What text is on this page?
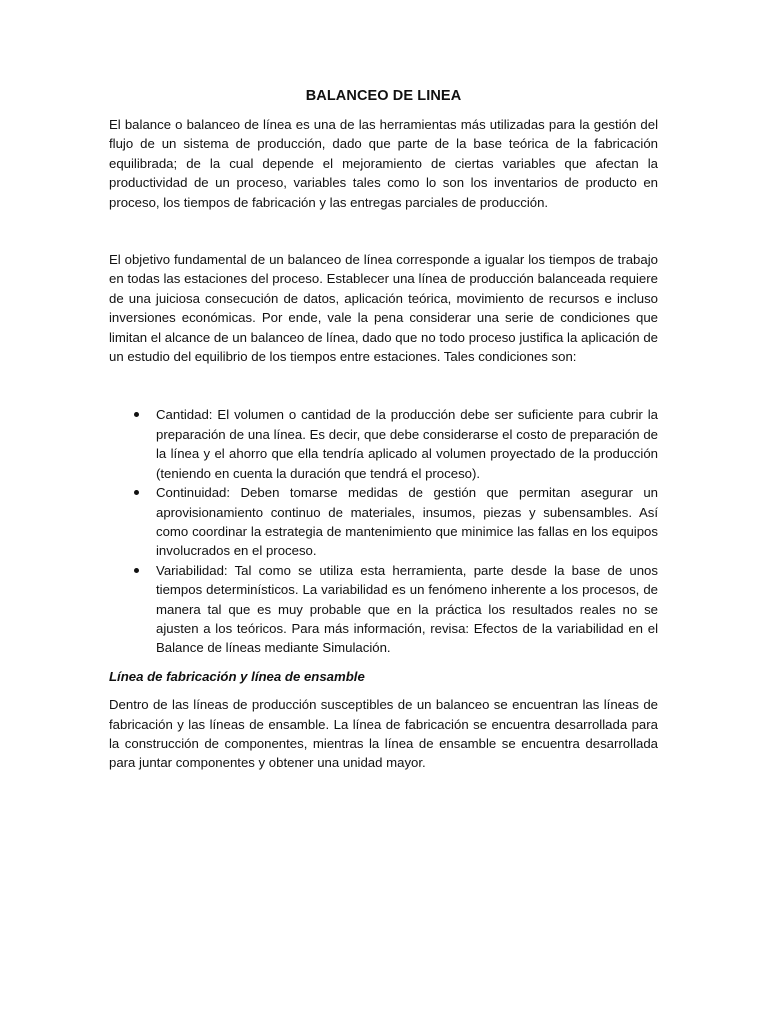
BALANCEO DE LINEA

El balance o balanceo de línea es una de las herramientas más utilizadas para la gestión del flujo de un sistema de producción, dado que parte de la base teórica de la fabricación equilibrada; de la cual depende el mejoramiento de ciertas variables que afectan la productividad de un proceso, variables tales como lo son los inventarios de producto en proceso, los tiempos de fabricación y las entregas parciales de producción.

El objetivo fundamental de un balanceo de línea corresponde a igualar los tiempos de trabajo en todas las estaciones del proceso. Establecer una línea de producción balanceada requiere de una juiciosa consecución de datos, aplicación teórica, movimiento de recursos e incluso inversiones económicas. Por ende, vale la pena considerar una serie de condiciones que limitan el alcance de un balanceo de línea, dado que no todo proceso justifica la aplicación de un estudio del equilibrio de los tiempos entre estaciones. Tales condiciones son:

Cantidad: El volumen o cantidad de la producción debe ser suficiente para cubrir la preparación de una línea. Es decir, que debe considerarse el costo de preparación de la línea y el ahorro que ella tendría aplicado al volumen proyectado de la producción (teniendo en cuenta la duración que tendrá el proceso).
Continuidad: Deben tomarse medidas de gestión que permitan asegurar un aprovisionamiento continuo de materiales, insumos, piezas y subensambles. Así como coordinar la estrategia de mantenimiento que minimice las fallas en los equipos involucrados en el proceso.
Variabilidad: Tal como se utiliza esta herramienta, parte desde la base de unos tiempos determinísticos. La variabilidad es un fenómeno inherente a los procesos, de manera tal que es muy probable que en la práctica los resultados reales no se ajusten a los teóricos. Para más información, revisa: Efectos de la variabilidad en el Balance de líneas mediante Simulación.
Línea de fabricación y línea de ensamble

Dentro de las líneas de producción susceptibles de un balanceo se encuentran las líneas de fabricación y las líneas de ensamble. La línea de fabricación se encuentra desarrollada para la construcción de componentes, mientras la línea de ensamble se encuentra desarrollada para juntar componentes y obtener una unidad mayor.
